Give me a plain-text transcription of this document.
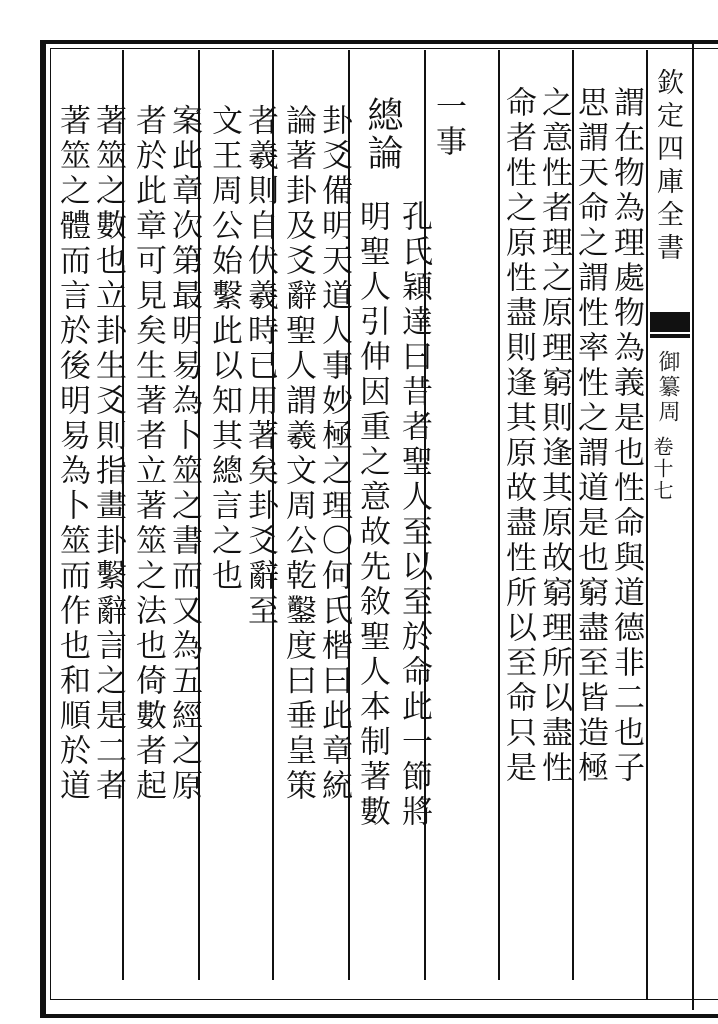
欽定四庫全書
御纂周
卷十七
謂在物為理處物為義是也性命與道德非二也子
思謂天命之謂性率性之謂道是也窮盡至皆造極
之意性者理之原理窮則逢其原故窮理所以盡性
命者性之原性盡則逢其原故盡性所以至命只是
一事
總論
孔氏穎達曰昔者聖人至以至於命此一節將
明聖人引伸因重之意故先敘聖人本制著數
卦爻備明天道人事妙極之理〇何氏楷曰此章統
論著卦及爻辭聖人謂羲文周公乾鑿度曰垂皇策
者羲則自伏羲時已用著矣卦爻辭至
文王周公始繫此以知其總言之也
案此章次第最明易為卜筮之書而又為五經之原
者於此章可見矣生著者立著筮之法也倚數者起
著筮之數也立卦生爻則指畫卦繫辭言之是二者
著筮之體而言於後明易為卜筮而作也和順於道
